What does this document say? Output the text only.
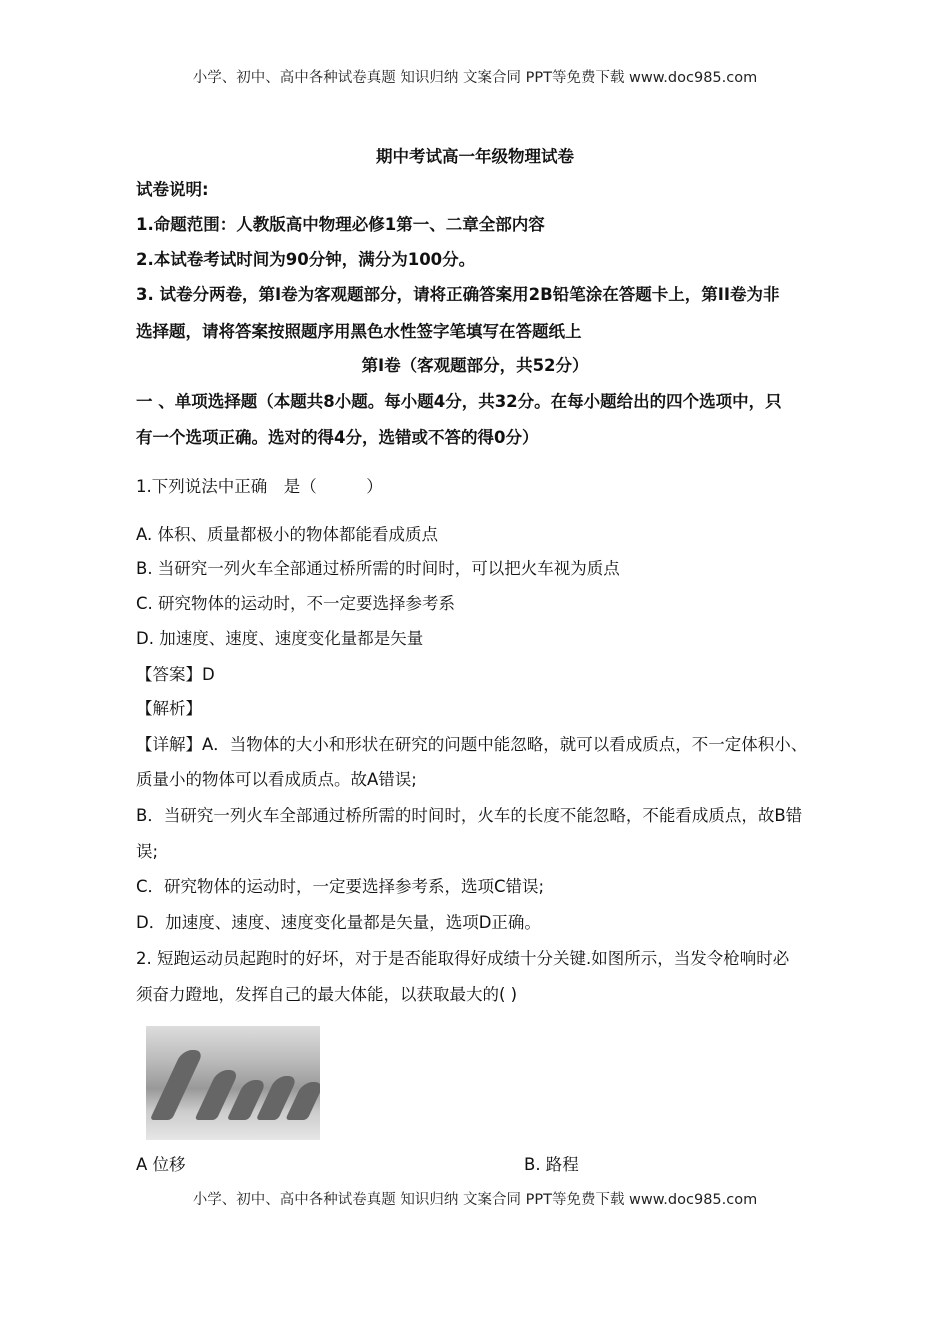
小学、初中、高中各种试卷真题 知识归纳 文案合同 PPT等免费下载 www.doc985.com
期中考试高一年级物理试卷
试卷说明:
1.命题范围：人教版高中物理必修1第一、二章全部内容
2.本试卷考试时间为90分钟，满分为100分。
3. 试卷分两卷，第I卷为客观题部分，请将正确答案用2B铅笔涂在答题卡上，第II卷为非
选择题，请将答案按照题序用黑色水性签字笔填写在答题纸上
第I卷（客观题部分，共52分）
一 、单项选择题（本题共8小题。每小题4分，共32分。在每小题给出的四个选项中，只
有一个选项正确。选对的得4分，选错或不答的得0分）
1.下列说法中正确　是（　　　）
A. 体积、质量都极小的物体都能看成质点
B. 当研究一列火车全部通过桥所需的时间时，可以把火车视为质点
C. 研究物体的运动时，不一定要选择参考系
D. 加速度、速度、速度变化量都是矢量
【答案】D
【解析】
【详解】A．当物体的大小和形状在研究的问题中能忽略，就可以看成质点，不一定体积小、
质量小的物体可以看成质点。故A错误;
B．当研究一列火车全部通过桥所需的时间时，火车的长度不能忽略，不能看成质点，故B错
误;
C．研究物体的运动时，一定要选择参考系，选项C错误;
D．加速度、速度、速度变化量都是矢量，选项D正确。
2. 短跑运动员起跑时的好坏，对于是否能取得好成绩十分关键.如图所示，当发令枪响时必
须奋力蹬地，发挥自己的最大体能，以获取最大的( )
A 位移	B. 路程
小学、初中、高中各种试卷真题 知识归纳 文案合同 PPT等免费下载 www.doc985.com
